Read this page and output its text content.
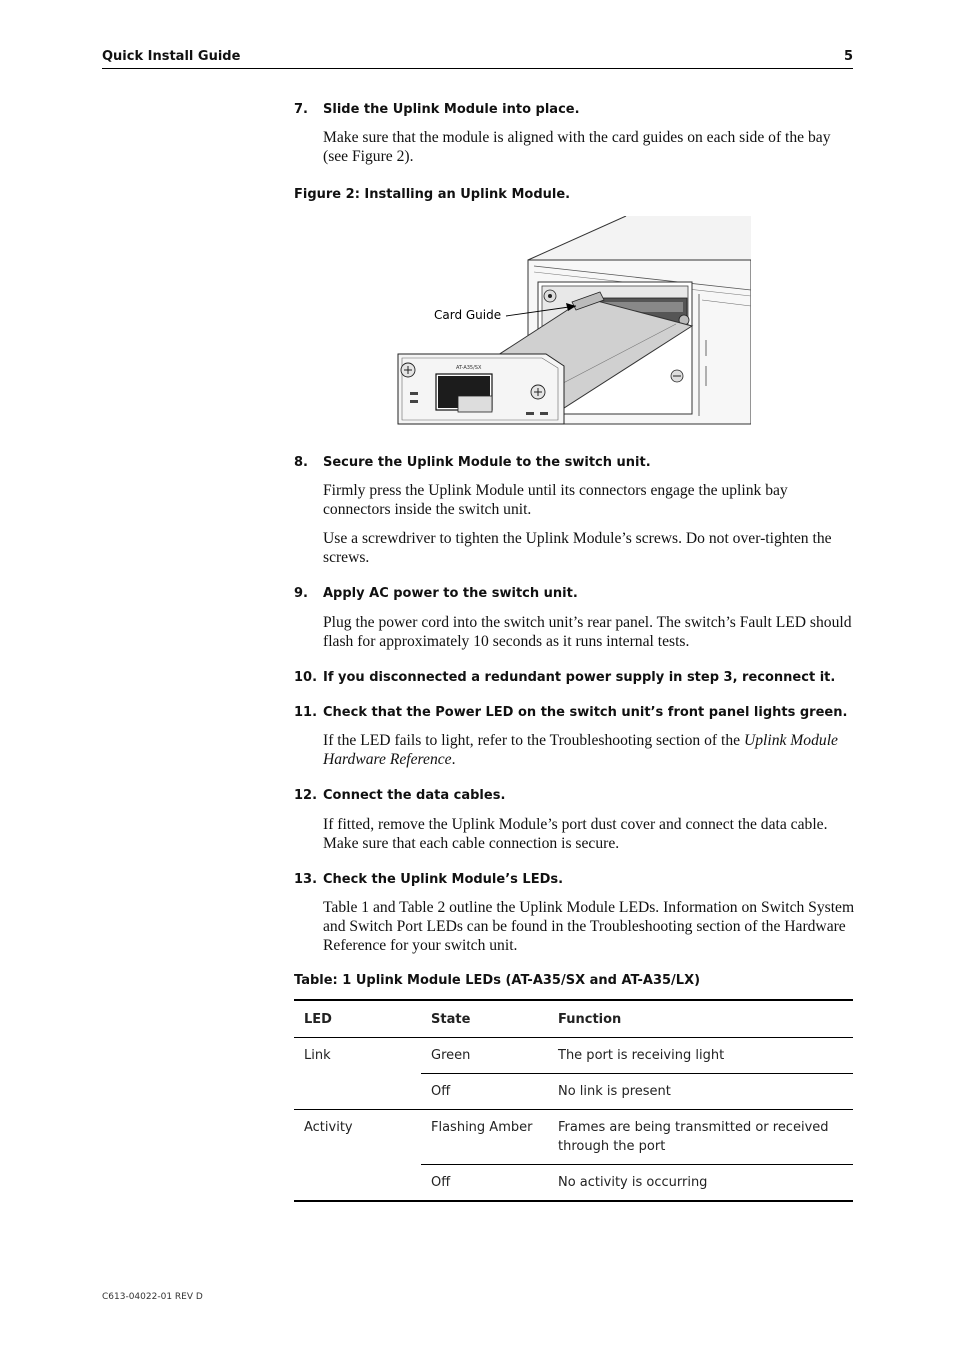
Quick Install Guide	5
7. Slide the Uplink Module into place.
Make sure that the module is aligned with the card guides on each side of the bay (see Figure 2).
Figure 2: Installing an Uplink Module.
AT-A35/SX
Card Guide
8. Secure the Uplink Module to the switch unit.
Firmly press the Uplink Module until its connectors engage the uplink bay connectors inside the switch unit.
Use a screwdriver to tighten the Uplink Module’s screws. Do not over-tighten the screws.
9. Apply AC power to the switch unit.
Plug the power cord into the switch unit’s rear panel. The switch’s Fault LED should flash for approximately 10 seconds as it runs internal tests.
10. If you disconnected a redundant power supply in step 3, reconnect it.
11. Check that the Power LED on the switch unit’s front panel lights green.
If the LED fails to light, refer to the Troubleshooting section of the Uplink Module Hardware Reference.
12. Connect the data cables.
If fitted, remove the Uplink Module’s port dust cover and connect the data cable. Make sure that each cable connection is secure.
13. Check the Uplink Module’s LEDs.
Table 1 and Table 2 outline the Uplink Module LEDs. Information on Switch System and Switch Port LEDs can be found in the Troubleshooting section of the Hardware Reference for your switch unit.
Table: 1 Uplink Module LEDs (AT-A35/SX and AT-A35/LX)
LED	State	Function
Link	Green	The port is receiving light
	Off	No link is present
Activity	Flashing Amber	Frames are being transmitted or received through the port
	Off	No activity is occurring
C613-04022-01 REV D
